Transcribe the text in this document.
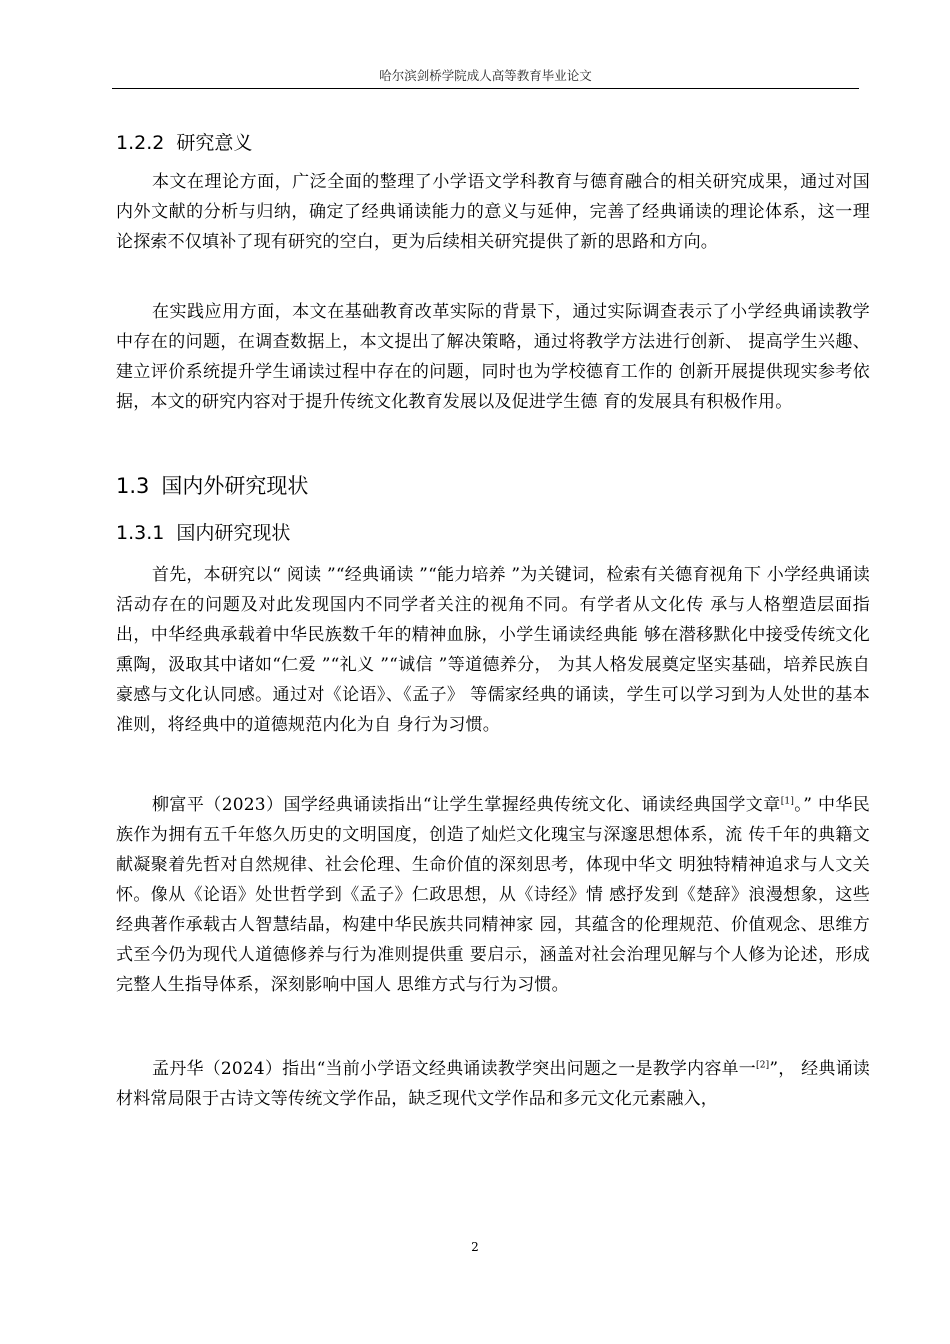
哈尔滨剑桥学院成人高等教育毕业论文
1.2.2 研究意义
本文在理论方面，广泛全面的整理了小学语文学科教育与德育融合的相关研究成果，通过对国内外文献的分析与归纳，确定了经典诵读能力的意义与延伸，完善了经典诵读的理论体系，这一理论探索不仅填补了现有研究的空白，更为后续相关研究提供了新的思路和方向。
在实践应用方面，本文在基础教育改革实际的背景下，通过实际调查表示了小学经典诵读教学中存在的问题，在调查数据上，本文提出了解决策略，通过将教学方法进行创新、 提高学生兴趣、建立评价系统提升学生诵读过程中存在的问题，同时也为学校德育工作的 创新开展提供现实参考依据，本文的研究内容对于提升传统文化教育发展以及促进学生德 育的发展具有积极作用。
1.3 国内外研究现状
1.3.1 国内研究现状
首先，本研究以“ 阅读 ”“经典诵读 ”“能力培养 ”为关键词，检索有关德育视角下 小学经典诵读活动存在的问题及对此发现国内不同学者关注的视角不同。有学者从文化传 承与人格塑造层面指出，中华经典承载着中华民族数千年的精神血脉，小学生诵读经典能 够在潜移默化中接受传统文化熏陶，汲取其中诸如“仁爱 ”“礼义 ”“诚信 ”等道德养分， 为其人格发展奠定坚实基础，培养民族自豪感与文化认同感。通过对《论语》、《孟子》 等儒家经典的诵读，学生可以学习到为人处世的基本准则，将经典中的道德规范内化为自 身行为习惯。
柳富平（2023）国学经典诵读指出“让学生掌握经典传统文化、诵读经典国学文章[1]。” 中华民族作为拥有五千年悠久历史的文明国度，创造了灿烂文化瑰宝与深邃思想体系，流 传千年的典籍文献凝聚着先哲对自然规律、社会伦理、生命价值的深刻思考，体现中华文 明独特精神追求与人文关怀。像从《论语》处世哲学到《孟子》仁政思想，从《诗经》情 感抒发到《楚辞》浪漫想象，这些经典著作承载古人智慧结晶，构建中华民族共同精神家 园，其蕴含的伦理规范、价值观念、思维方式至今仍为现代人道德修养与行为准则提供重 要启示，涵盖对社会治理见解与个人修为论述，形成完整人生指导体系，深刻影响中国人 思维方式与行为习惯。
孟丹华（2024）指出“当前小学语文经典诵读教学突出问题之一是教学内容单一[2]”， 经典诵读材料常局限于古诗文等传统文学作品，缺乏现代文学作品和多元文化元素融入，
2
